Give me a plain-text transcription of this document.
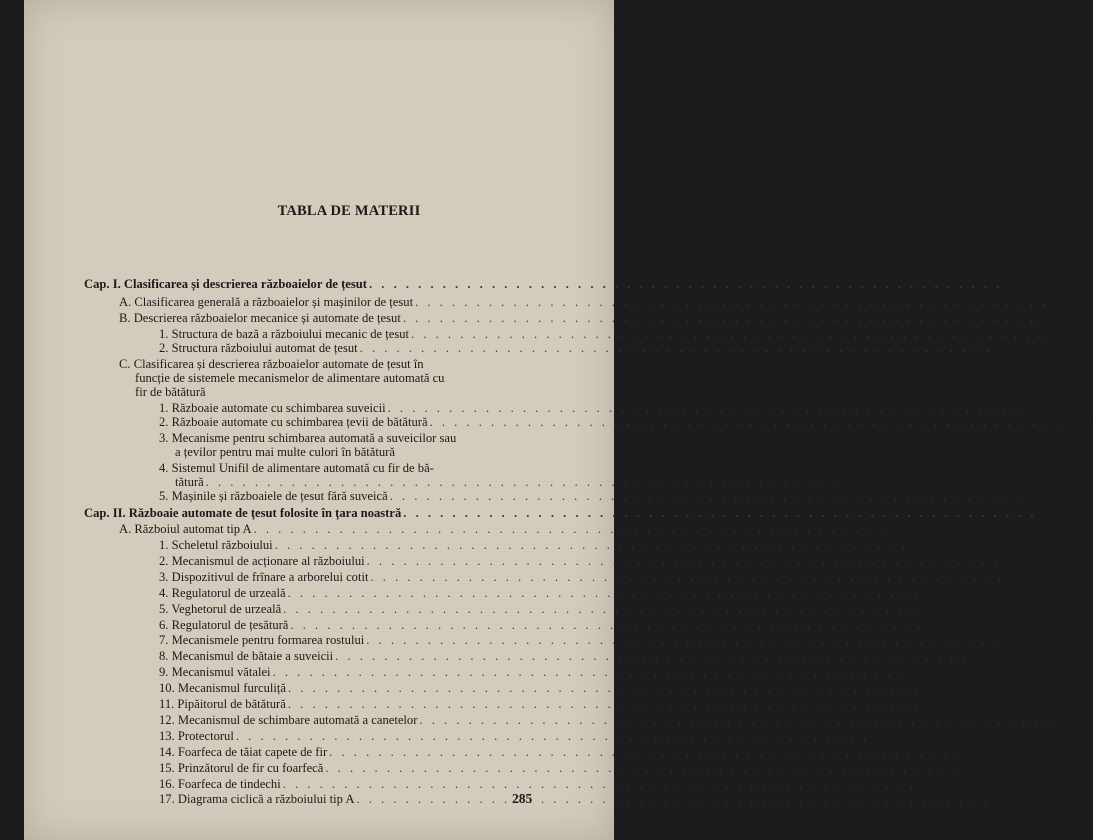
TABLA DE MATERII
Cap. I. Clasificarea și descrierea războaielor de țesut . . .	5
A. Clasificarea generală a războaielor și mașinilor de țesut . . .	5
B. Descrierea războaielor mecanice și automate de țesut . . .	7
1. Structura de bază a războiului mecanic de țesut . . .	7
2. Structura războiului automat de țesut . . .	9
C. Clasificarea și descrierea războaielor automate de țesut în
funcție de sistemele mecanismelor de alimentare automată cu
fir de bătătură	17
1. Războaie automate cu schimbarea suveicii . . .	17
2. Războaie automate cu schimbarea țevii de bătătură . . .	20
3. Mecanisme pentru schimbarea automată a suveicilor sau
a țevilor pentru mai multe culori în bătătură	28
4. Sistemul Unifil de alimentare automată cu fir de bă-
tătură . . .	29
5. Mașinile și războaiele de țesut fără suveică . . .	32
Cap. II. Războaie automate de țesut folosite în țara noastră . . .	45
A. Războiul automat tip A . . .	45
1. Scheletul războiului . . .	47
2. Mecanismul de acționare al războiului . . .	48
3. Dispozitivul de frînare a arborelui cotit . . .	52
4. Regulatorul de urzeală . . .	54
5. Veghetorul de urzeală . . .	58
6. Regulatorul de țesătură . . .	61
7. Mecanismele pentru formarea rostului . . .	65
8. Mecanismul de bătaie a suveicii . . .	70
9. Mecanismul vătalei . . .	74
10. Mecanismul furculiță . . .	78
11. Pipăitorul de bătătură . . .	80
12. Mecanismul de schimbare automată a canetelor . . .	83
13. Protectorul . . .	86
14. Foarfeca de tăiat capete de fir . . .	89
15. Prinzătorul de fir cu foarfecă . . .	90
16. Foarfeca de tindechi . . .	91
17. Diagrama ciclică a războiului tip A . . .	93
285
